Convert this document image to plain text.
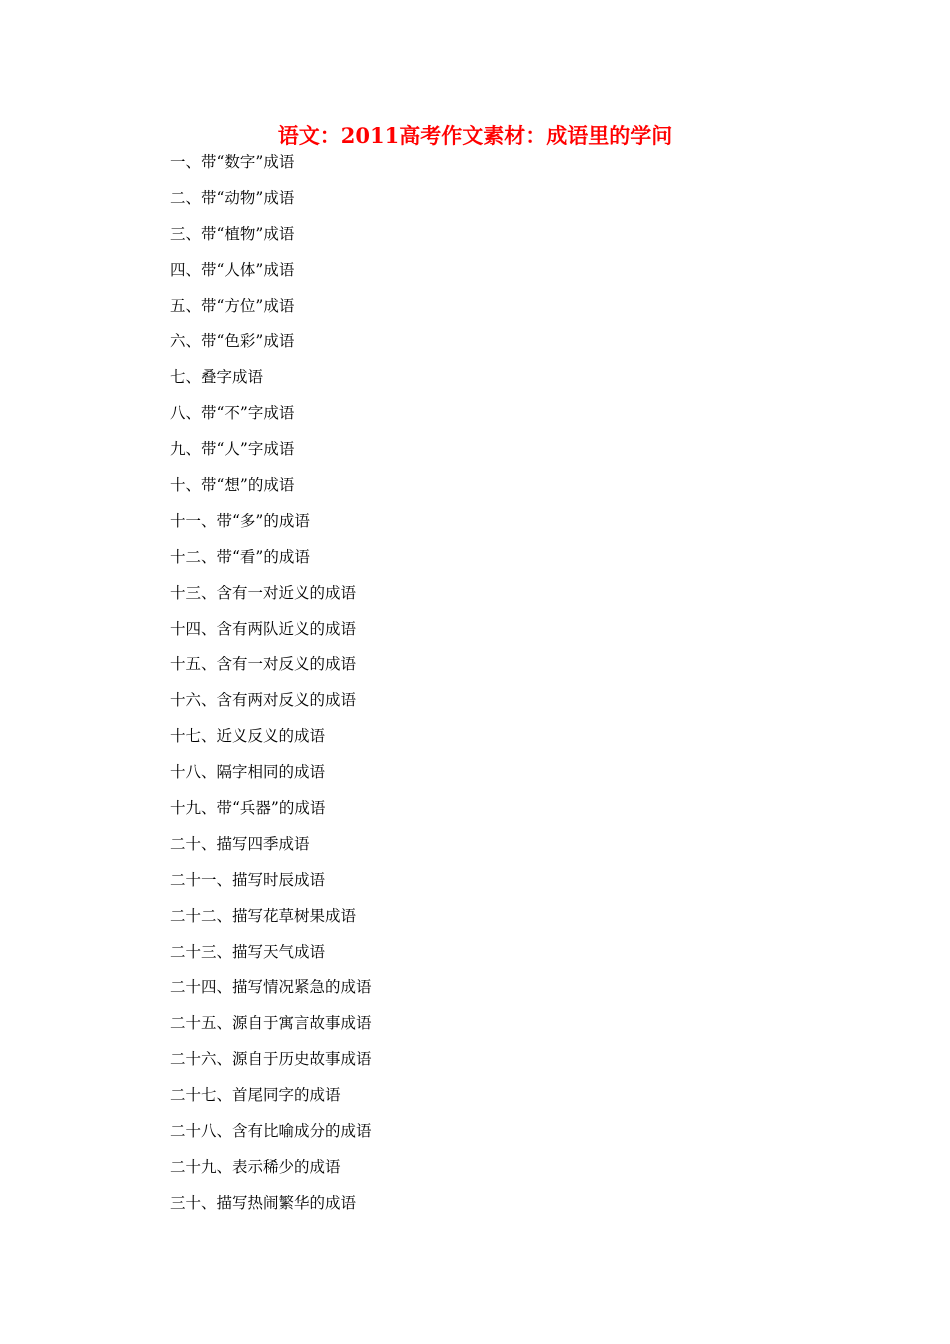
语文：2011高考作文素材：成语里的学问
一、带“数字”成语
二、带“动物”成语
三、带“植物”成语
四、带“人体”成语
五、带“方位”成语
六、带“色彩”成语
七、叠字成语
八、带“不”字成语
九、带“人”字成语
十、带“想”的成语
十一、带“多”的成语
十二、带“看”的成语
十三、含有一对近义的成语
十四、含有两队近义的成语
十五、含有一对反义的成语
十六、含有两对反义的成语
十七、近义反义的成语
十八、隔字相同的成语
十九、带“兵器”的成语
二十、描写四季成语
二十一、描写时辰成语
二十二、描写花草树果成语
二十三、描写天气成语
二十四、描写情况紧急的成语
二十五、源自于寓言故事成语
二十六、源自于历史故事成语
二十七、首尾同字的成语
二十八、含有比喻成分的成语
二十九、表示稀少的成语
三十、描写热闹繁华的成语
